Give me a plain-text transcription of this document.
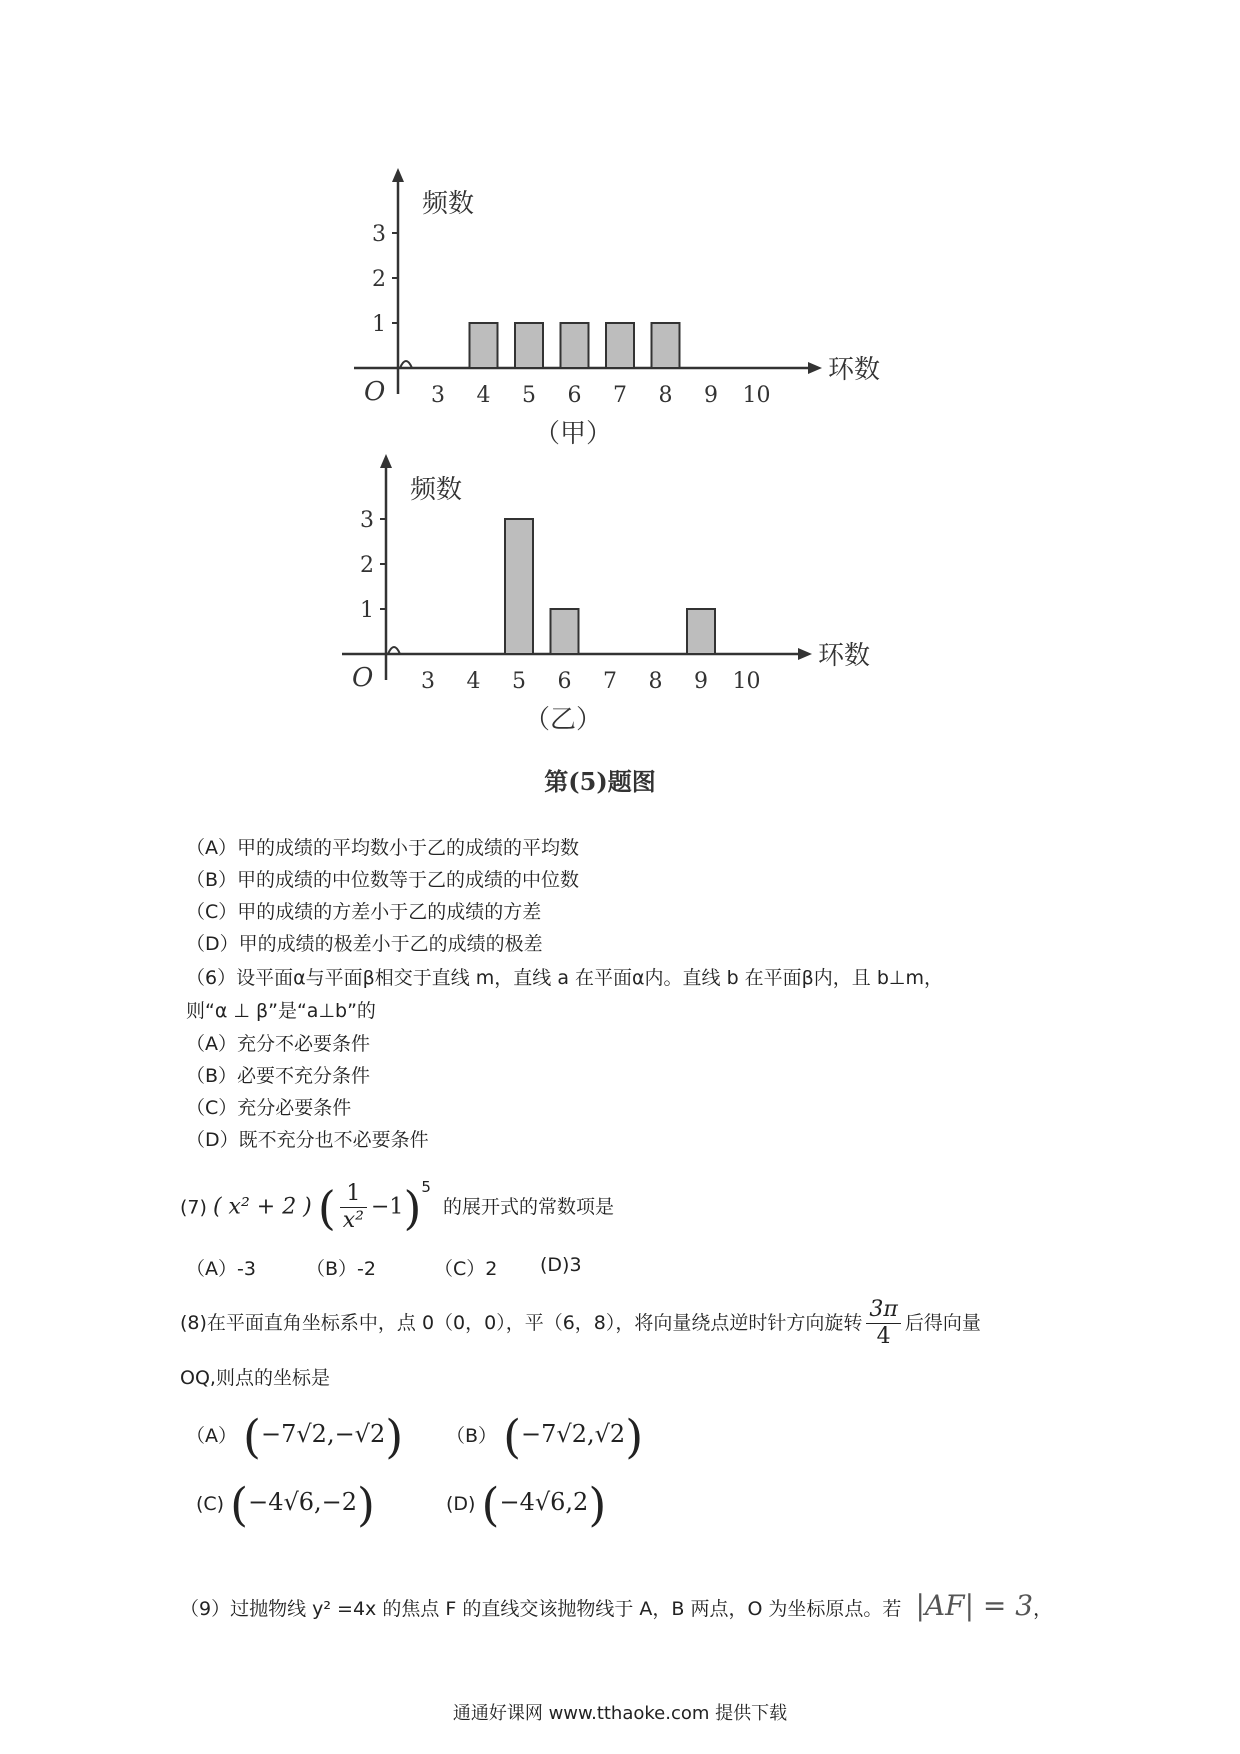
O
频数
环数
1
2
3
3 4 5 6 7 8 9 10
（甲）
O
频数
环数
1
2
3
3 4 5 6 7 8 9 10
（乙）
第(5)题图
（A）甲的成绩的平均数小于乙的成绩的平均数
（B）甲的成绩的中位数等于乙的成绩的中位数
（C）甲的成绩的方差小于乙的成绩的方差
（D）甲的成绩的极差小于乙的成绩的极差
（6）设平面α与平面β相交于直线 m，直线 a 在平面α内。直线 b 在平面β内，且 b⊥m，
则“α ⊥ β”是“a⊥b”的
（A）充分不必要条件
（B）必要不充分条件
（C）充分必要条件
（D）既不充分也不必要条件
(7) ( x² + 2 ) ( $\frac{1}{\text{x²}} -1)^5$ 的展开式的常数项是
（A）-3	（B）-2	（C）2 (D)3
(8)在平面直角坐标系中，点 0（0，0），平（6，8），将向量绕点逆时针方向旋转 $\frac{3\pi}{4}$ 后得向量
OQ,则点的坐标是
（A） (−7√2,−√2) （B） (−7√2,√2)
(C) (−4√6,−2)	(D) (−4√6,2)
（9）过抛物线 y² =4x 的焦点 F 的直线交该抛物线于 A，B 两点，O 为坐标原点。若 |AF| = 3，
通通好课网 www.tthaoke.com 提供下载
